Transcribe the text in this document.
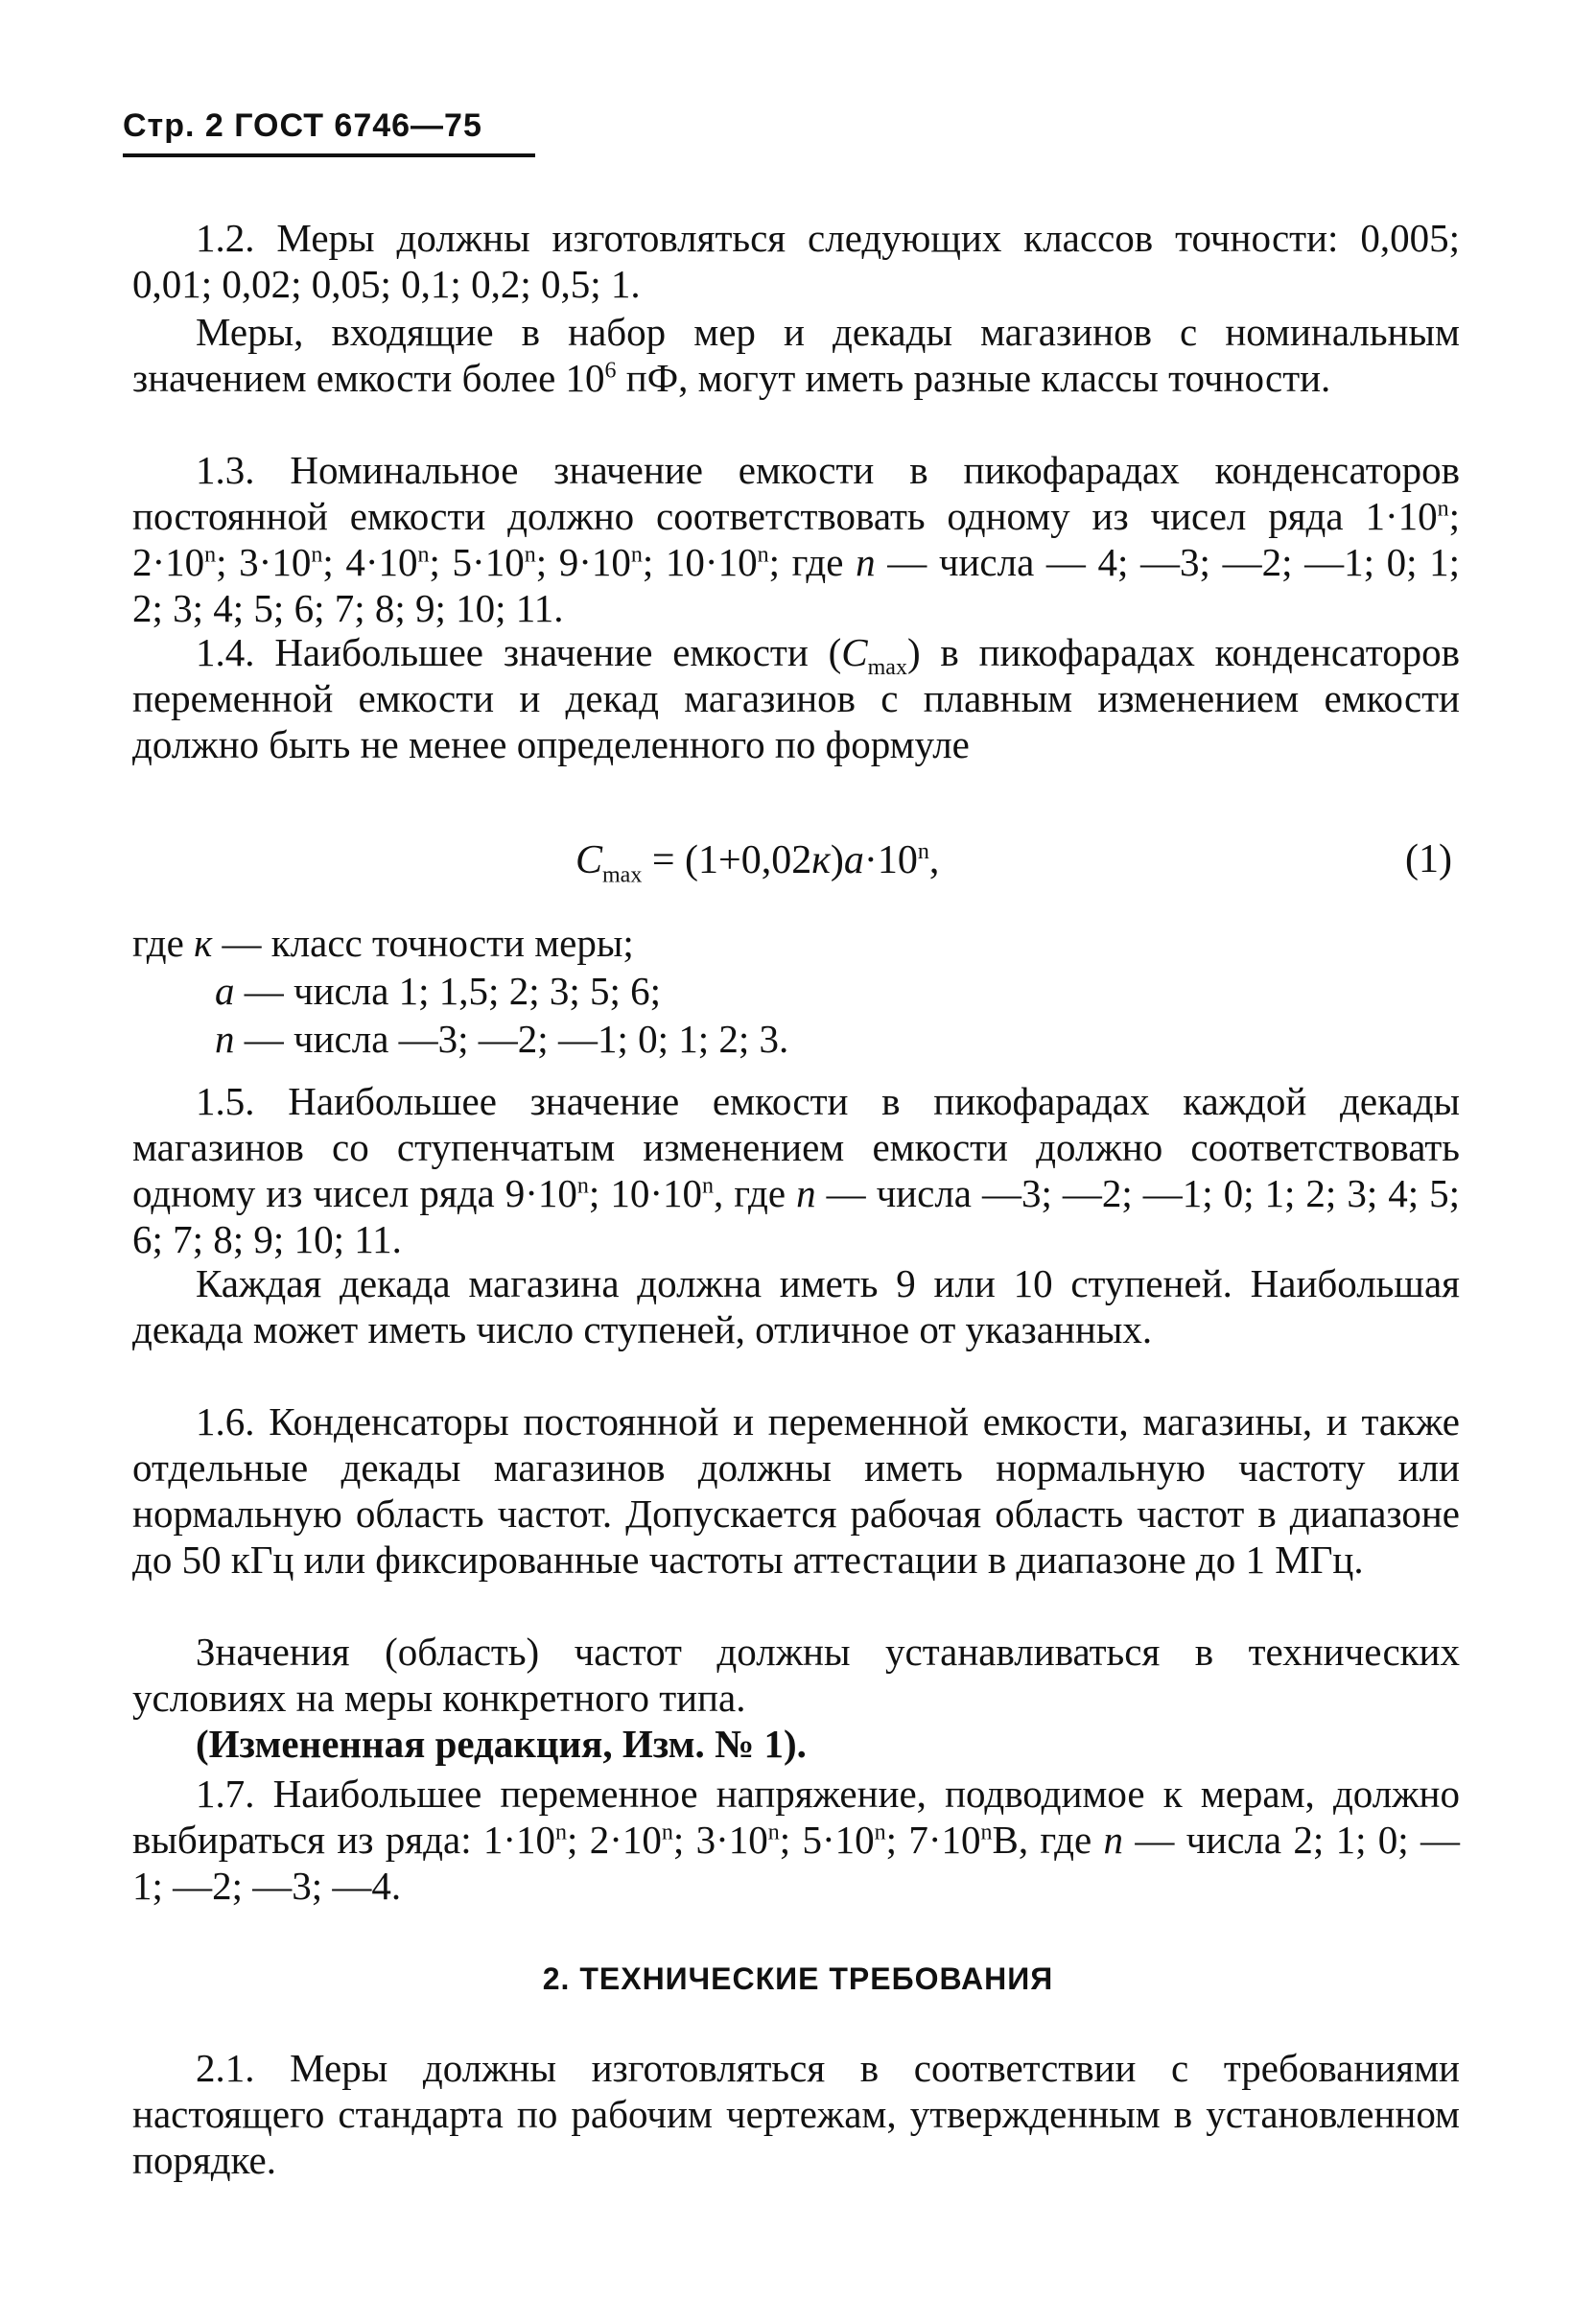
Стр. 2 ГОСТ 6746—75

1.2. Меры должны изготовляться следующих классов точности: 0,005; 0,01; 0,02; 0,05; 0,1; 0,2; 0,5; 1.

Меры, входящие в набор мер и декады магазинов с номинальным значением емкости более $10^6$ пФ, могут иметь разные классы точности.

1.3. Номинальное значение емкости в пикофарадах конденсаторов постоянной емкости должно соответствовать одному из чисел ряда $1\cdot 10^n$; $2\cdot 10^n$; $3\cdot 10^n$; $4\cdot 10^n$; $5\cdot 10^n$; $9\cdot 10^n$; $10\cdot 10^n$; где n — числа — 4; —3; —2; —1; 0; 1; 2; 3; 4; 5; 6; 7; 8; 9; 10; 11.

1.4. Наибольшее значение емкости $(C_{max})$ в пикофарадах конденсаторов переменной емкости и декад магазинов с плавным изменением емкости должно быть не менее определенного по формуле

$C_{max} = (1+0,02к)a\cdot 10^n$,	(1)
где к — класс точности меры;
a — числа 1; 1,5; 2; 3; 5; 6;
n — числа —3; —2; —1; 0; 1; 2; 3.

1.5. Наибольшее значение емкости в пикофарадах каждой декады магазинов со ступенчатым изменением емкости должно соответствовать одному из чисел ряда $9\cdot 10^n$; $10\cdot 10^n$, где n — числа —3; —2; —1; 0; 1; 2; 3; 4; 5; 6; 7; 8; 9; 10; 11.

Каждая декада магазина должна иметь 9 или 10 ступеней. Наибольшая декада может иметь число ступеней, отличное от указанных.

1.6. Конденсаторы постоянной и переменной емкости, магазины, и также отдельные декады магазинов должны иметь нормальную частоту или нормальную область частот. Допускается рабочая область частот в диапазоне до 50 кГц или фиксированные частоты аттестации в диапазоне до 1 МГц.

Значения (область) частот должны устанавливаться в технических условиях на меры конкретного типа.

(Измененная редакция, Изм. № 1).

1.7. Наибольшее переменное напряжение, подводимое к мерам, должно выбираться из ряда: $1\cdot 10^n$; $2\cdot 10^n$; $3\cdot 10^n$; $5\cdot 10^n$; $7\cdot 10^nВ$, где n — числа 2; 1; 0; —1; —2; —3; —4.

2. ТЕХНИЧЕСКИЕ ТРЕБОВАНИЯ

2.1. Меры должны изготовляться в соответствии с требованиями настоящего стандарта по рабочим чертежам, утвержденным в установленном порядке.
